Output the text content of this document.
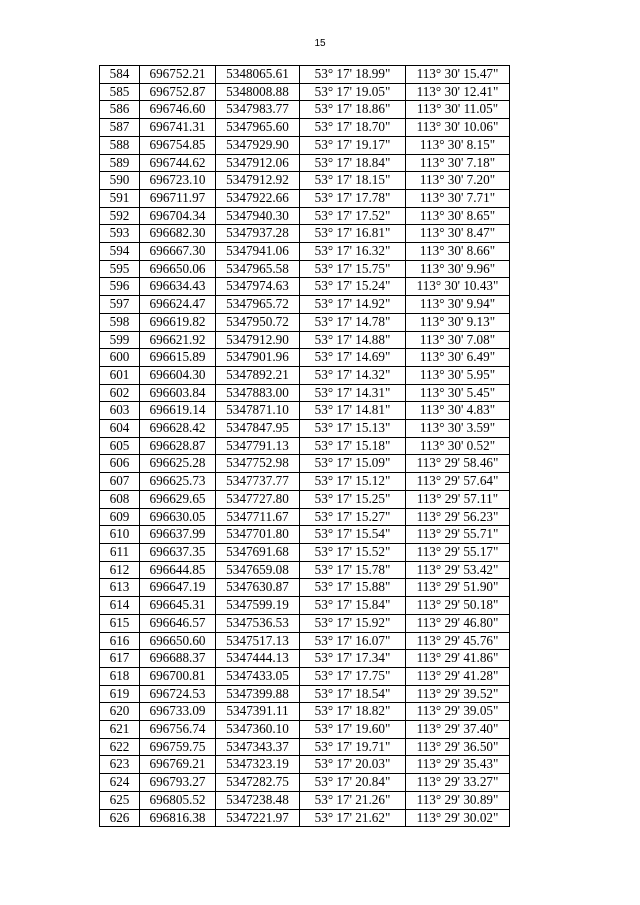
15
584	696752.21	5348065.61	53° 17' 18.99"	113° 30' 15.47"
585	696752.87	5348008.88	53° 17' 19.05"	113° 30' 12.41"
586	696746.60	5347983.77	53° 17' 18.86"	113° 30' 11.05"
587	696741.31	5347965.60	53° 17' 18.70"	113° 30' 10.06"
588	696754.85	5347929.90	53° 17' 19.17"	113° 30' 8.15"
589	696744.62	5347912.06	53° 17' 18.84"	113° 30' 7.18"
590	696723.10	5347912.92	53° 17' 18.15"	113° 30' 7.20"
591	696711.97	5347922.66	53° 17' 17.78"	113° 30' 7.71"
592	696704.34	5347940.30	53° 17' 17.52"	113° 30' 8.65"
593	696682.30	5347937.28	53° 17' 16.81"	113° 30' 8.47"
594	696667.30	5347941.06	53° 17' 16.32"	113° 30' 8.66"
595	696650.06	5347965.58	53° 17' 15.75"	113° 30' 9.96"
596	696634.43	5347974.63	53° 17' 15.24"	113° 30' 10.43"
597	696624.47	5347965.72	53° 17' 14.92"	113° 30' 9.94"
598	696619.82	5347950.72	53° 17' 14.78"	113° 30' 9.13"
599	696621.92	5347912.90	53° 17' 14.88"	113° 30' 7.08"
600	696615.89	5347901.96	53° 17' 14.69"	113° 30' 6.49"
601	696604.30	5347892.21	53° 17' 14.32"	113° 30' 5.95"
602	696603.84	5347883.00	53° 17' 14.31"	113° 30' 5.45"
603	696619.14	5347871.10	53° 17' 14.81"	113° 30' 4.83"
604	696628.42	5347847.95	53° 17' 15.13"	113° 30' 3.59"
605	696628.87	5347791.13	53° 17' 15.18"	113° 30' 0.52"
606	696625.28	5347752.98	53° 17' 15.09"	113° 29' 58.46"
607	696625.73	5347737.77	53° 17' 15.12"	113° 29' 57.64"
608	696629.65	5347727.80	53° 17' 15.25"	113° 29' 57.11"
609	696630.05	5347711.67	53° 17' 15.27"	113° 29' 56.23"
610	696637.99	5347701.80	53° 17' 15.54"	113° 29' 55.71"
611	696637.35	5347691.68	53° 17' 15.52"	113° 29' 55.17"
612	696644.85	5347659.08	53° 17' 15.78"	113° 29' 53.42"
613	696647.19	5347630.87	53° 17' 15.88"	113° 29' 51.90"
614	696645.31	5347599.19	53° 17' 15.84"	113° 29' 50.18"
615	696646.57	5347536.53	53° 17' 15.92"	113° 29' 46.80"
616	696650.60	5347517.13	53° 17' 16.07"	113° 29' 45.76"
617	696688.37	5347444.13	53° 17' 17.34"	113° 29' 41.86"
618	696700.81	5347433.05	53° 17' 17.75"	113° 29' 41.28"
619	696724.53	5347399.88	53° 17' 18.54"	113° 29' 39.52"
620	696733.09	5347391.11	53° 17' 18.82"	113° 29' 39.05"
621	696756.74	5347360.10	53° 17' 19.60"	113° 29' 37.40"
622	696759.75	5347343.37	53° 17' 19.71"	113° 29' 36.50"
623	696769.21	5347323.19	53° 17' 20.03"	113° 29' 35.43"
624	696793.27	5347282.75	53° 17' 20.84"	113° 29' 33.27"
625	696805.52	5347238.48	53° 17' 21.26"	113° 29' 30.89"
626	696816.38	5347221.97	53° 17' 21.62"	113° 29' 30.02"
